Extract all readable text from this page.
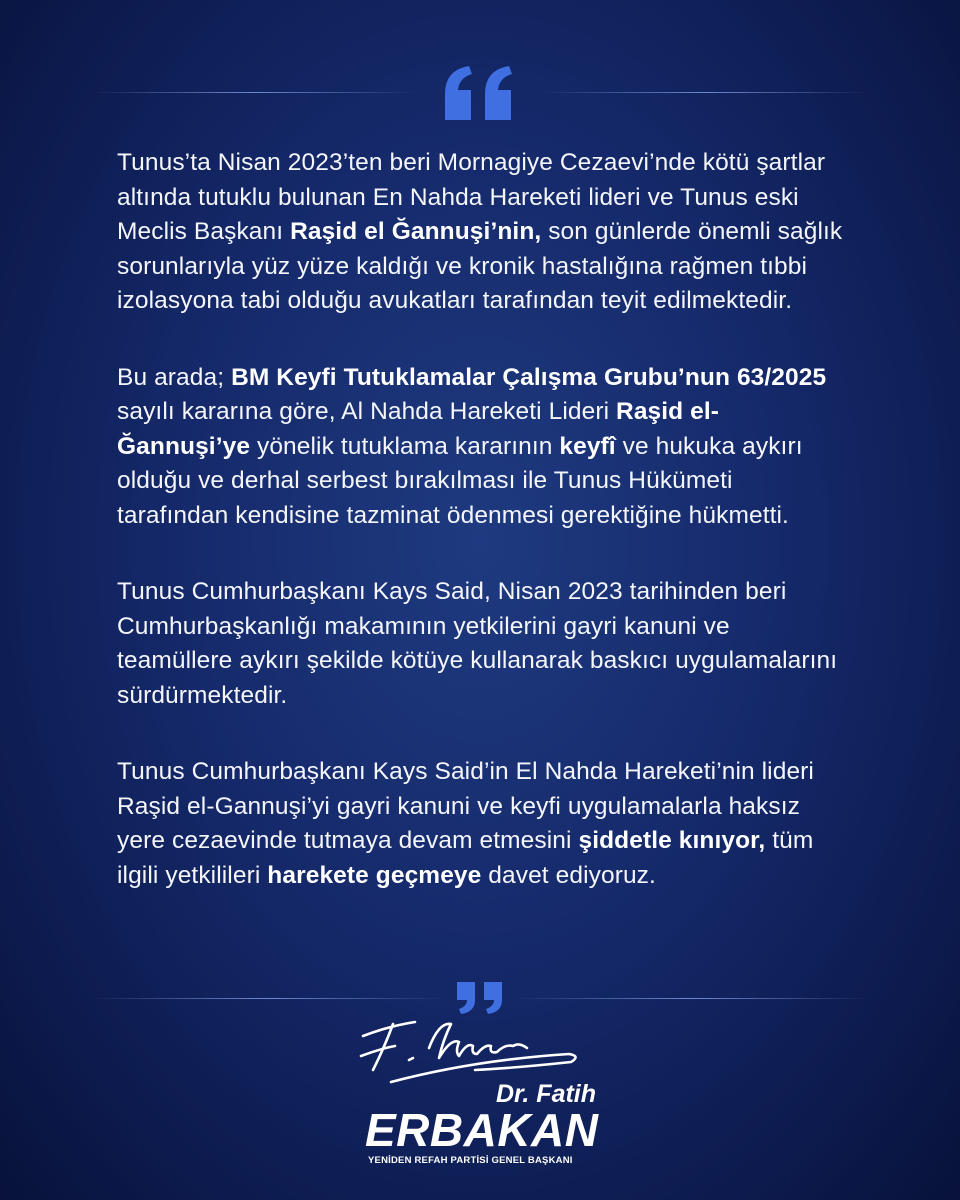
Tunus’ta Nisan 2023’ten beri Mornagiye Cezaevi’nde kötü şartlar altında tutuklu bulunan En Nahda Hareketi lideri ve Tunus eski Meclis Başkanı Raşid el Ğannuşi’nin, son günlerde önemli sağlık sorunlarıyla yüz yüze kaldığı ve kronik hastalığına rağmen tıbbi izolasyona tabi olduğu avukatları tarafından teyit edilmektedir.

Bu arada; BM Keyfi Tutuklamalar Çalışma Grubu’nun 63/2025 sayılı kararına göre, Al Nahda Hareketi Lideri Raşid el-Ğannuşi’ye yönelik tutuklama kararının keyfî ve hukuka aykırı olduğu ve derhal serbest bırakılması ile Tunus Hükümeti tarafından kendisine tazminat ödenmesi gerektiğine hükmetti.

Tunus Cumhurbaşkanı Kays Said, Nisan 2023 tarihinden beri Cumhurbaşkanlığı makamının yetkilerini gayri kanuni ve teamüllere aykırı şekilde kötüye kullanarak baskıcı uygulamalarını sürdürmektedir.

Tunus Cumhurbaşkanı Kays Said’in El Nahda Hareketi’nin lideri Raşid el-Gannuşi’yi gayri kanuni ve keyfi uygulamalarla haksız yere cezaevinde tutmaya devam etmesini şiddetle kınıyor, tüm ilgili yetkilileri harekete geçmeye davet ediyoruz.

Dr. Fatih
ERBAKAN
YENİDEN REFAH PARTİSİ GENEL BAŞKANI
